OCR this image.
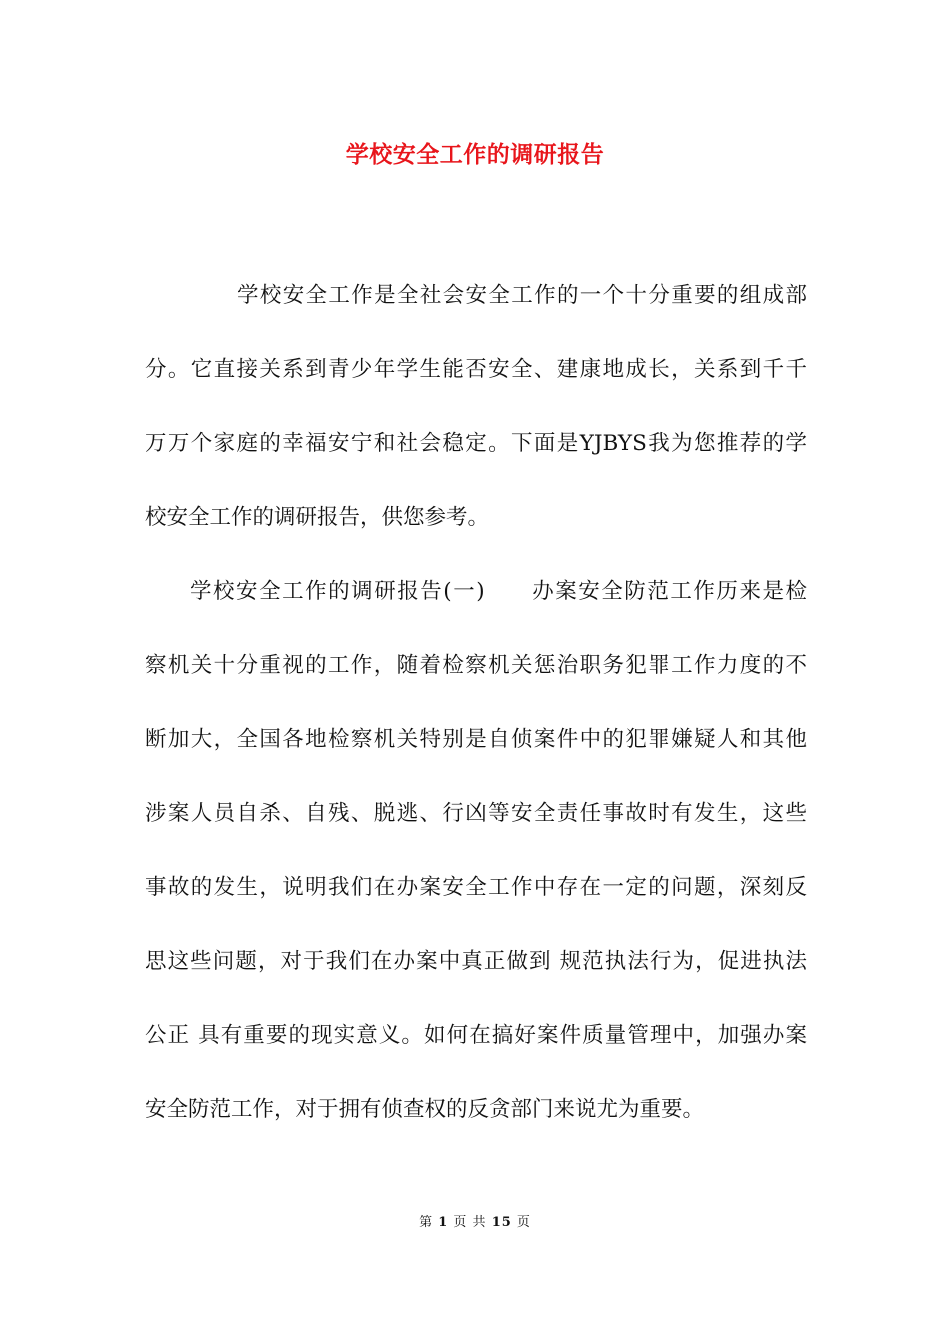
学校安全工作的调研报告
学校安全工作是全社会安全工作的一个十分重要的组成部
分。它直接关系到青少年学生能否安全、建康地成长，关系到千千
万万个家庭的幸福安宁和社会稳定。下面是YJBYS我为您推荐的学
校安全工作的调研报告，供您参考。
学校安全工作的调研报告(一)　　办案安全防范工作历来是检
察机关十分重视的工作，随着检察机关惩治职务犯罪工作力度的不
断加大，全国各地检察机关特别是自侦案件中的犯罪嫌疑人和其他
涉案人员自杀、自残、脱逃、行凶等安全责任事故时有发生，这些
事故的发生，说明我们在办案安全工作中存在一定的问题，深刻反
思这些问题，对于我们在办案中真正做到 规范执法行为，促进执法
公正 具有重要的现实意义。如何在搞好案件质量管理中，加强办案
安全防范工作，对于拥有侦查权的反贪部门来说尤为重要。
第 1 页 共 15 页
